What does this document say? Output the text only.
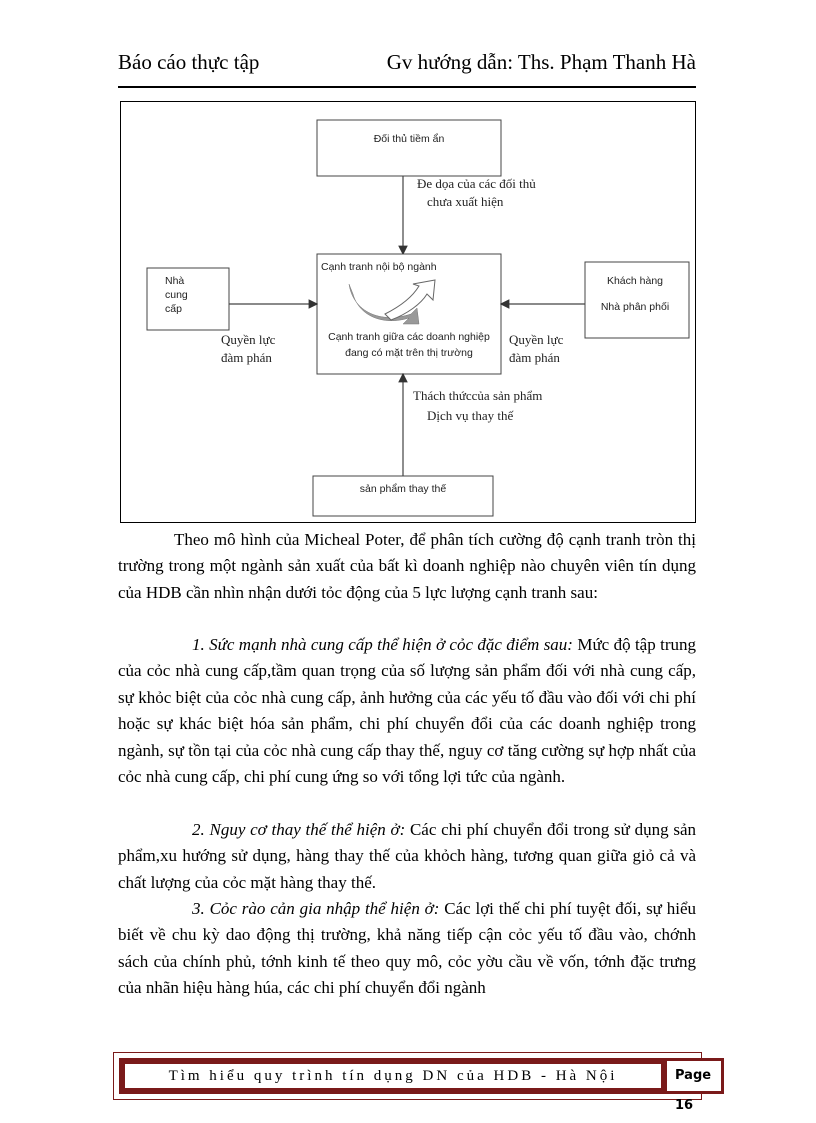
Báo cáo thực tập	Gv hướng dẫn: Ths. Phạm Thanh Hà
Đối thủ tiềm ẩn
Đe dọa của các đối thủ
chưa xuất hiện
Cạnh tranh nội bộ ngành
Cạnh tranh giữa các doanh nghiệp
đang có mặt trên thị trường
Nhà
cung
cấp
Quyền lực
đàm phán
Khách hàng
Nhà phân phối
Quyền lực
đàm phán
Thách thứccủa sản phẩm
Dịch vụ thay thế
sản phẩm thay thế

Theo mô hình của Micheal Poter, để phân tích cường độ cạnh tranh tròn thị trường trong một ngành sản xuất của bất kì doanh nghiệp nào chuyên viên tín dụng của HDB cần nhìn nhận dưới tỏc động của 5 lực lượng cạnh tranh sau:

1. Sức mạnh nhà cung cấp thể hiện ở cỏc đặc điểm sau: Mức độ tập trung của cỏc nhà cung cấp,tầm quan trọng của số lượng sản phẩm đối với nhà cung cấp, sự khỏc biệt của cỏc nhà cung cấp, ảnh hưởng của các yếu tố đầu vào đối với chi phí hoặc sự khác biệt hóa sản phẩm, chi phí chuyển đổi của các doanh nghiệp trong ngành, sự tồn tại của cỏc nhà cung cấp thay thế, nguy cơ tăng cường sự hợp nhất của cỏc nhà cung cấp, chi phí cung ứng so với tổng lợi tức của ngành.

2. Nguy cơ thay thế thể hiện ở: Các chi phí chuyển đổi trong sử dụng sản phẩm,xu hướng sử dụng, hàng thay thế của khỏch hàng, tương quan giữa giỏ cả và chất lượng của cỏc mặt hàng thay thế.

3. Cỏc rào cản gia nhập thể hiện ở: Các lợi thế chi phí tuyệt đối, sự hiểu biết về chu kỳ dao động thị trường, khả năng tiếp cận cỏc yếu tố đầu vào, chớnh sách của chính phủ, tớnh kinh tế theo quy mô, cỏc yờu cầu về vốn, tớnh đặc trưng của nhãn hiệu hàng húa, các chi phí chuyển đổi ngành

Tìm hiểu quy trình tín dụng DN của HDB - Hà Nội	Page 16
